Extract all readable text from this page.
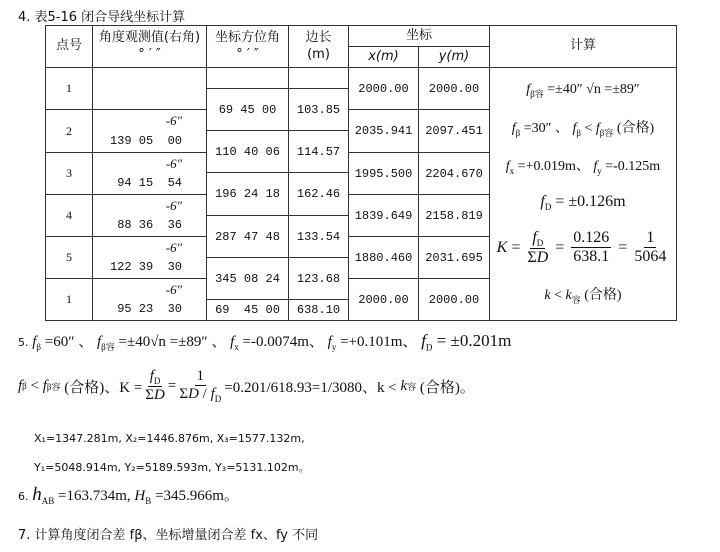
4. 表5-16 闭合导线坐标计算
点号
角度观测值(右角)
° ′ ″
坐标方位角
° ′ ″
边长
(m)
坐标
x(m)	y(m)
计算
1	2000.00 2000.00
2
-6″
139 05  00
2035.941 2097.451
3
-6″
94 15  54
1995.500 2204.670
4
-6″
88 36  36
1839.649 2158.819
5
-6″
122 39  30
1880.460 2031.695
1
-6″
95 23  30
2000.00 2000.00
69 45 00 103.85
110 40 06 114.57
196 24 18 162.46
287 47 48 133.54
345 08 24 123.68
69  45 00 638.10
$f_{\beta 容} =\pm 40''$ √n =±89″
$f_\beta =30''$ 、 $f_\beta < f_{\beta 容}$ (合格)
$f_x =+0.019m$、 $f_y =-0.125m$
$f_D = \pm 0.126m$
$K = \frac{f_D}{\Sigma D} = \frac{0.126}{638.1} = \frac{1}{5064}$
$k < k_容$ (合格)
5. $f_\beta =60''$ 、 $f_{\beta 容} =\pm 40√n =\pm 89''$ 、 $f_x =-0.0074m$、 $f_y =+0.101m$、 $f_D = \pm 0.201m$
f β < f β容
(合格)、$K = \frac{f_D}{\Sigma D} = \frac{1}{\Sigma D / f_D} =0.201/618.93=1/3080$、k <
k 容
(合格)。
X₁=1347.281m, X₂=1446.876m, X₃=1577.132m,
Y₁=5048.914m, Y₂=5189.593m, Y₃=5131.102m。
6. $h_{AB} =163.734m$, $H_B =345.966m$。
7. 计算角度闭合差 fβ、坐标增量闭合差 fx、fy 不同
